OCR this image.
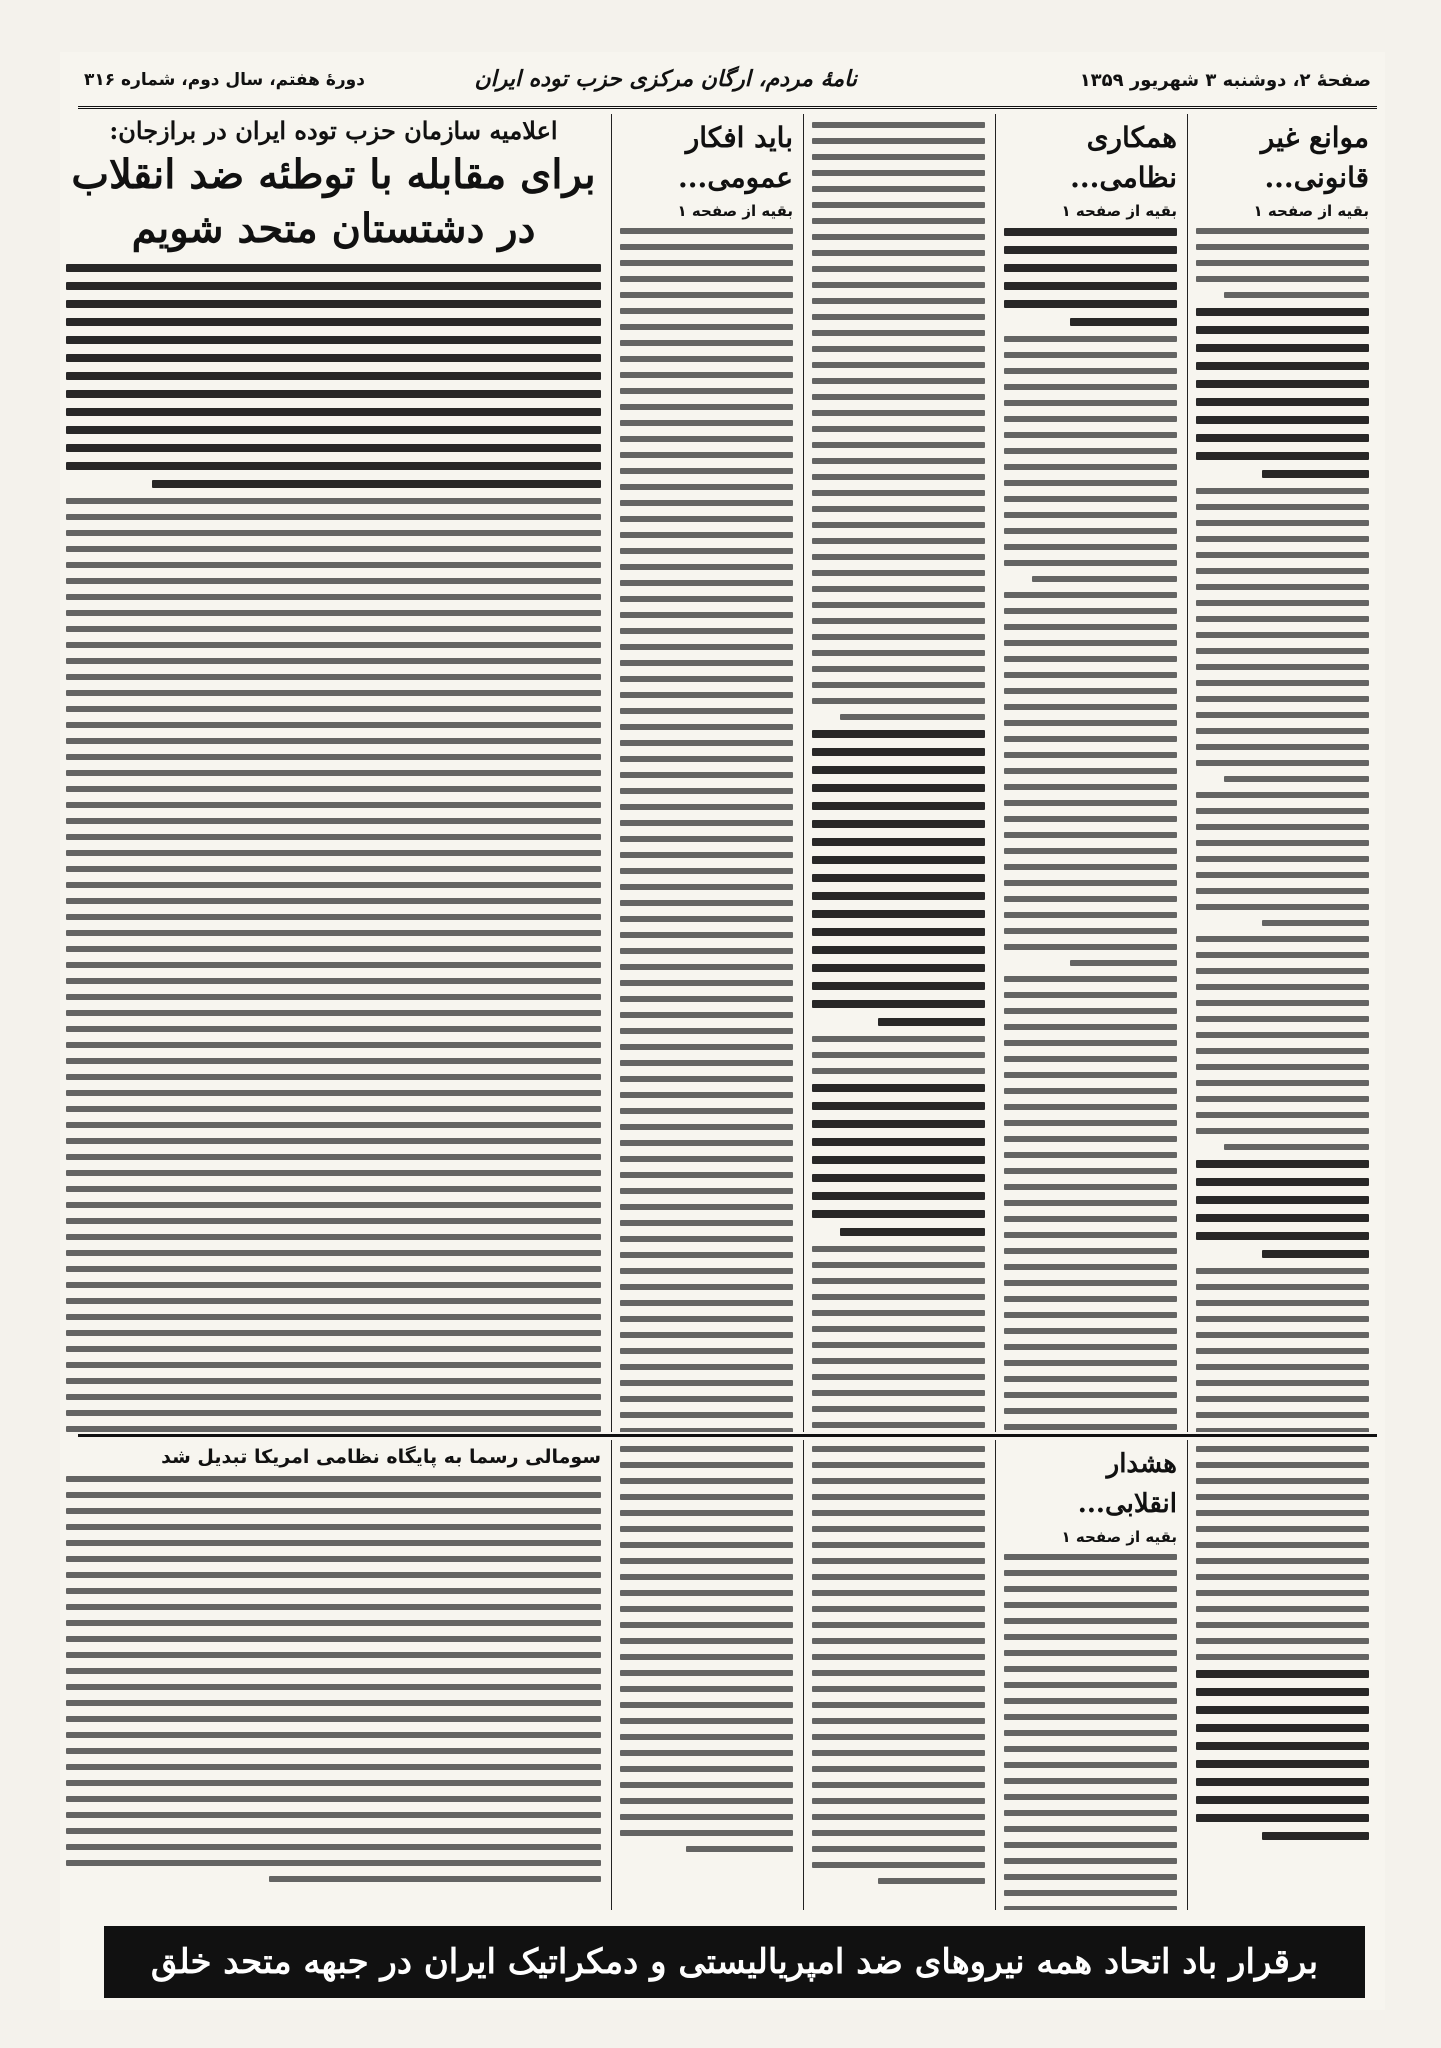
صفحهٔ ۲، دوشنبه ۳ شهریور ۱۳۵۹
نامهٔ مردم، ارگان مرکزی حزب توده ایران
دورهٔ هفتم، سال دوم، شماره ۳۱۶
موانع غیر قانونی...
بقیه از صفحه ۱
همکاری نظامی...
بقیه از صفحه ۱
باید افکار عمومی...
بقیه از صفحه ۱
اعلامیه سازمان حزب توده ایران در برازجان:
برای مقابله با توطئه ضد انقلاب
در دشتستان متحد شویم
هشدار انقلابی...
بقیه از صفحه ۱
سومالی رسما به پایگاه نظامی امریکا تبدیل شد
برقرار باد اتحاد همه نیروهای ضد امپریالیستی و دمکراتیک ایران در جبهه متحد خلق
